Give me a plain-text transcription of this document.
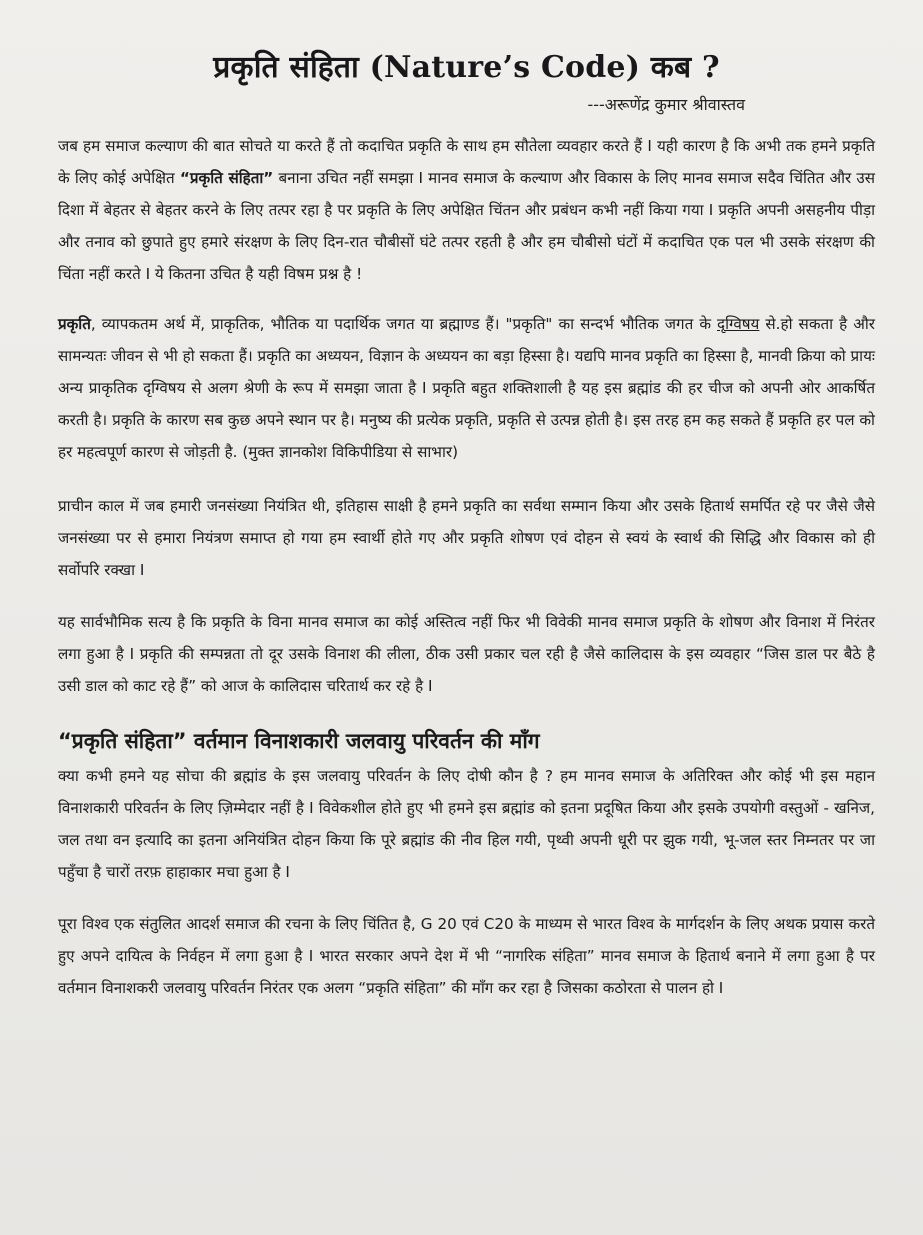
प्रकृति संहिता (Nature’s Code) कब ?
---अरूणेंद्र कुमार श्रीवास्तव

जब हम समाज कल्याण की बात सोचते या करते हैं तो कदाचित प्रकृति के साथ हम सौतेला व्यवहार करते हैं I यही कारण है कि अभी तक हमने प्रकृति के लिए कोई अपेक्षित “प्रकृति संहिता” बनाना उचित नहीं समझा I मानव समाज के कल्याण और विकास के लिए मानव समाज सदैव चिंतित और उस दिशा में बेहतर से बेहतर करने के लिए तत्पर रहा है पर प्रकृति के लिए अपेक्षित चिंतन और प्रबंधन कभी नहीं किया गया I प्रकृति अपनी असहनीय पीड़ा और तनाव को छुपाते हुए हमारे संरक्षण के लिए दिन-रात चौबीसों घंटे तत्पर रहती है और हम चौबीसो घंटों में कदाचित एक पल भी उसके संरक्षण की चिंता नहीं करते I ये कितना उचित है यही विषम प्रश्न है !

प्रकृति, व्यापकतम अर्थ में, प्राकृतिक, भौतिक या पदार्थिक जगत या ब्रह्माण्ड हैं। "प्रकृति" का सन्दर्भ भौतिक जगत के दृग्विषय से.हो सकता है और सामन्यतः जीवन से भी हो सकता हैं। प्रकृति का अध्ययन, विज्ञान के अध्ययन का बड़ा हिस्सा है। यद्यपि मानव प्रकृति का हिस्सा है, मानवी क्रिया को प्रायः अन्य प्राकृतिक दृग्विषय से अलग श्रेणी के रूप में समझा जाता है I प्रकृति बहुत शक्तिशाली है यह इस ब्रह्मांड की हर चीज को अपनी ओर आकर्षित करती है। प्रकृति के कारण सब कुछ अपने स्थान पर है। मनुष्य की प्रत्येक प्रकृति, प्रकृति से उत्पन्न होती है। इस तरह हम कह सकते हैं प्रकृति हर पल को हर महत्वपूर्ण कारण से जोड़ती है. (मुक्त ज्ञानकोश विकिपीडिया से साभार)

प्राचीन काल में जब हमारी जनसंख्या नियंत्रित थी, इतिहास साक्षी है हमने प्रकृति का सर्वथा सम्मान किया और उसके हितार्थ समर्पित रहे पर जैसे जैसे जनसंख्या पर से हमारा नियंत्रण समाप्त हो गया हम स्वार्थी होते गए और प्रकृति शोषण एवं दोहन से स्वयं के स्वार्थ की सिद्धि और विकास को ही सर्वोपरि रक्खा I

यह सार्वभौमिक सत्य है कि प्रकृति के विना मानव समाज का कोई अस्तित्व नहीं फिर भी विवेकी मानव समाज प्रकृति के शोषण और विनाश में निरंतर लगा हुआ है I प्रकृति की सम्पन्नता तो दूर उसके विनाश की लीला, ठीक उसी प्रकार चल रही है जैसे कालिदास के इस व्यवहार “जिस डाल पर बैठे है उसी डाल को काट रहे हैं” को आज के कालिदास चरितार्थ कर रहे है I

“प्रकृति संहिता” वर्तमान विनाशकारी जलवायु परिवर्तन की माँग

क्या कभी हमने यह सोचा की ब्रह्मांड के इस जलवायु परिवर्तन के लिए दोषी कौन है ? हम मानव समाज के अतिरिक्त और कोई भी इस महान विनाशकारी परिवर्तन के लिए ज़िम्मेदार नहीं है I विवेकशील होते हुए भी हमने इस ब्रह्मांड को इतना प्रदूषित किया और इसके उपयोगी वस्तुओं - खनिज, जल तथा वन इत्यादि का इतना अनियंत्रित दोहन किया कि पूरे ब्रह्मांड की नीव हिल गयी, पृथ्वी अपनी धूरी पर झुक गयी, भू-जल स्तर निम्नतर पर जा पहुँचा है चारों तरफ़ हाहाकार मचा हुआ है I

पूरा विश्व एक संतुलित आदर्श समाज की रचना के लिए चिंतित है, G 20 एवं C20 के माध्यम से भारत विश्व के मार्गदर्शन के लिए अथक प्रयास करते हुए अपने दायित्व के निर्वहन में लगा हुआ है I भारत सरकार अपने देश में भी “नागरिक संहिता” मानव समाज के हितार्थ बनाने में लगा हुआ है पर वर्तमान विनाशकरी जलवायु परिवर्तन निरंतर एक अलग “प्रकृति संहिता” की माँग कर रहा है जिसका कठोरता से पालन हो I
